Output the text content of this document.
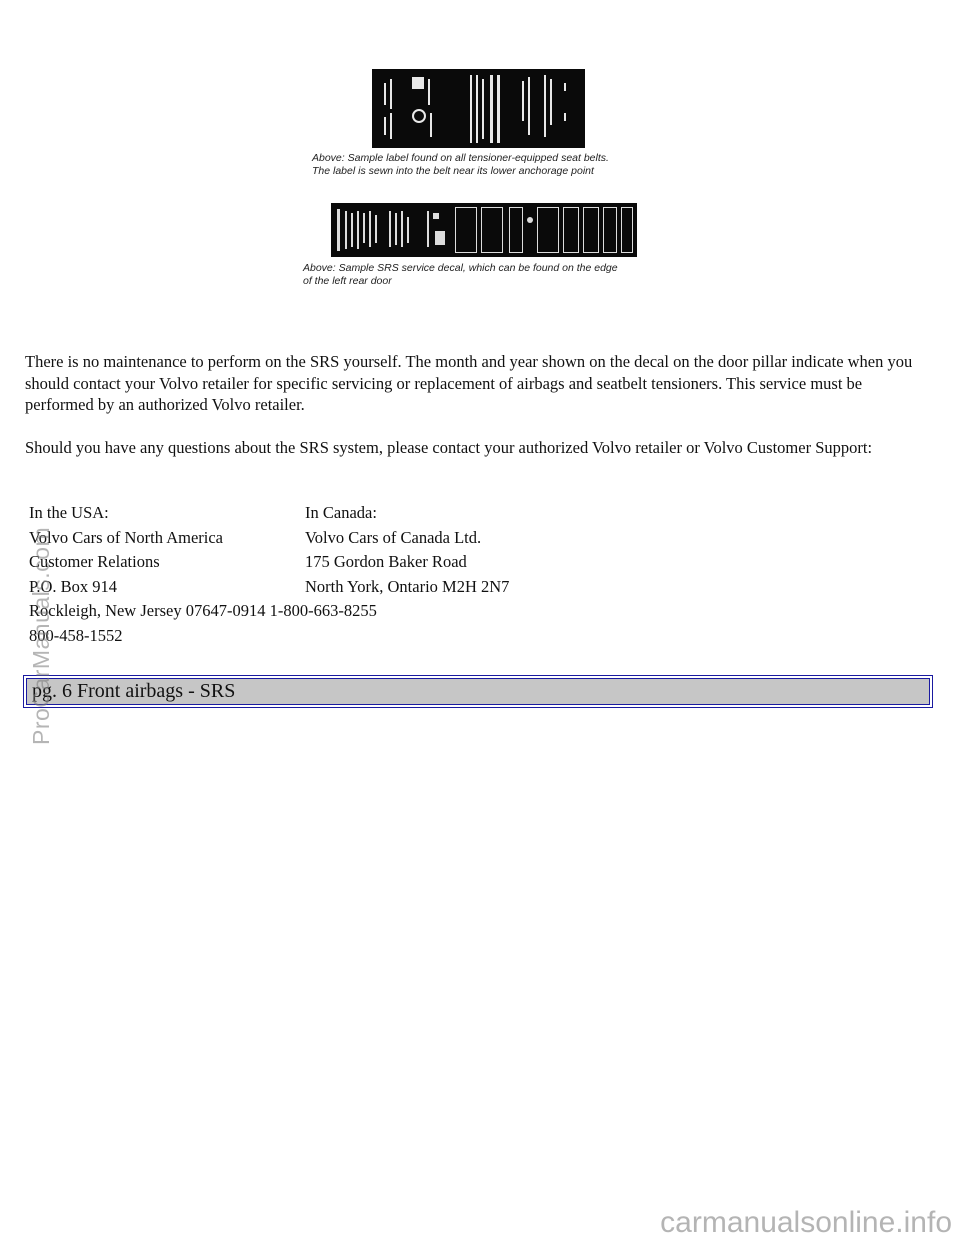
Above: Sample label found on all tensioner-equipped seat belts.
The label is sewn into the belt near its lower anchorage point
Above: Sample SRS service decal, which can be found on the edge
of the left rear door

There is no maintenance to perform on the SRS yourself. The month and year shown on the decal on the door pillar indicate when you should contact your Volvo retailer for specific servicing or replacement of airbags and seatbelt tensioners. This service must be performed by an authorized Volvo retailer.

Should you have any questions about the SRS system, please contact your authorized Volvo retailer or Volvo Customer Support:

In the USA:	In Canada:
Volvo Cars of North America	Volvo Cars of Canada Ltd.
Customer Relations	175 Gordon Baker Road
P.O. Box 914	North York, Ontario M2H 2N7
Rockleigh, New Jersey 07647-0914 1-800-663-8255
800-458-1552
pg. 6 Front airbags - SRS
ProCarManuals.com
carmanualsonline.info
